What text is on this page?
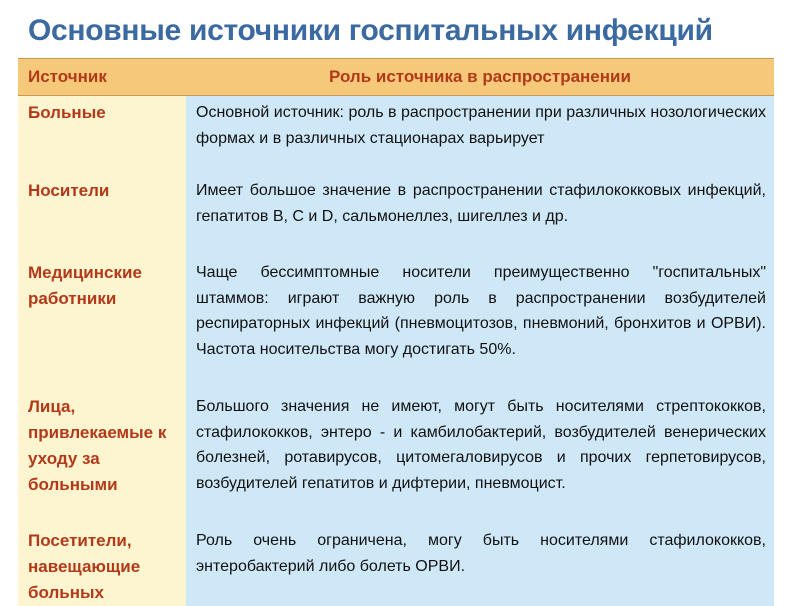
Основные источники госпитальных инфекций
Источник	Роль источника в распространении
Больные	Основной источник: роль в распространении при различных нозологических формах и в различных стационарах варьирует
Носители	Имеет большое значение в распространении стафилококковых инфекций, гепатитов B, C и D, сальмонеллез, шигеллез и др.
Медицинские работники	Чаще бессимптомные носители преимущественно "госпитальных" штаммов: играют важную роль в распространении возбудителей респираторных инфекций (пневмоцитозов, пневмоний, бронхитов и ОРВИ). Частота носительства могу достигать 50%.
Лица, привлекаемые к уходу за больными	Большого значения не имеют, могут быть носителями стрептококков, стафилококков, энтеро - и камбилобактерий, возбудителей венерических болезней, ротавирусов, цитомегаловирусов и прочих герпетовирусов, возбудителей гепатитов и дифтерии, пневмоцист.
Посетители, навещающие больных	Роль очень ограничена, могу быть носителями стафилококков, энтеробактерий либо болеть ОРВИ.
